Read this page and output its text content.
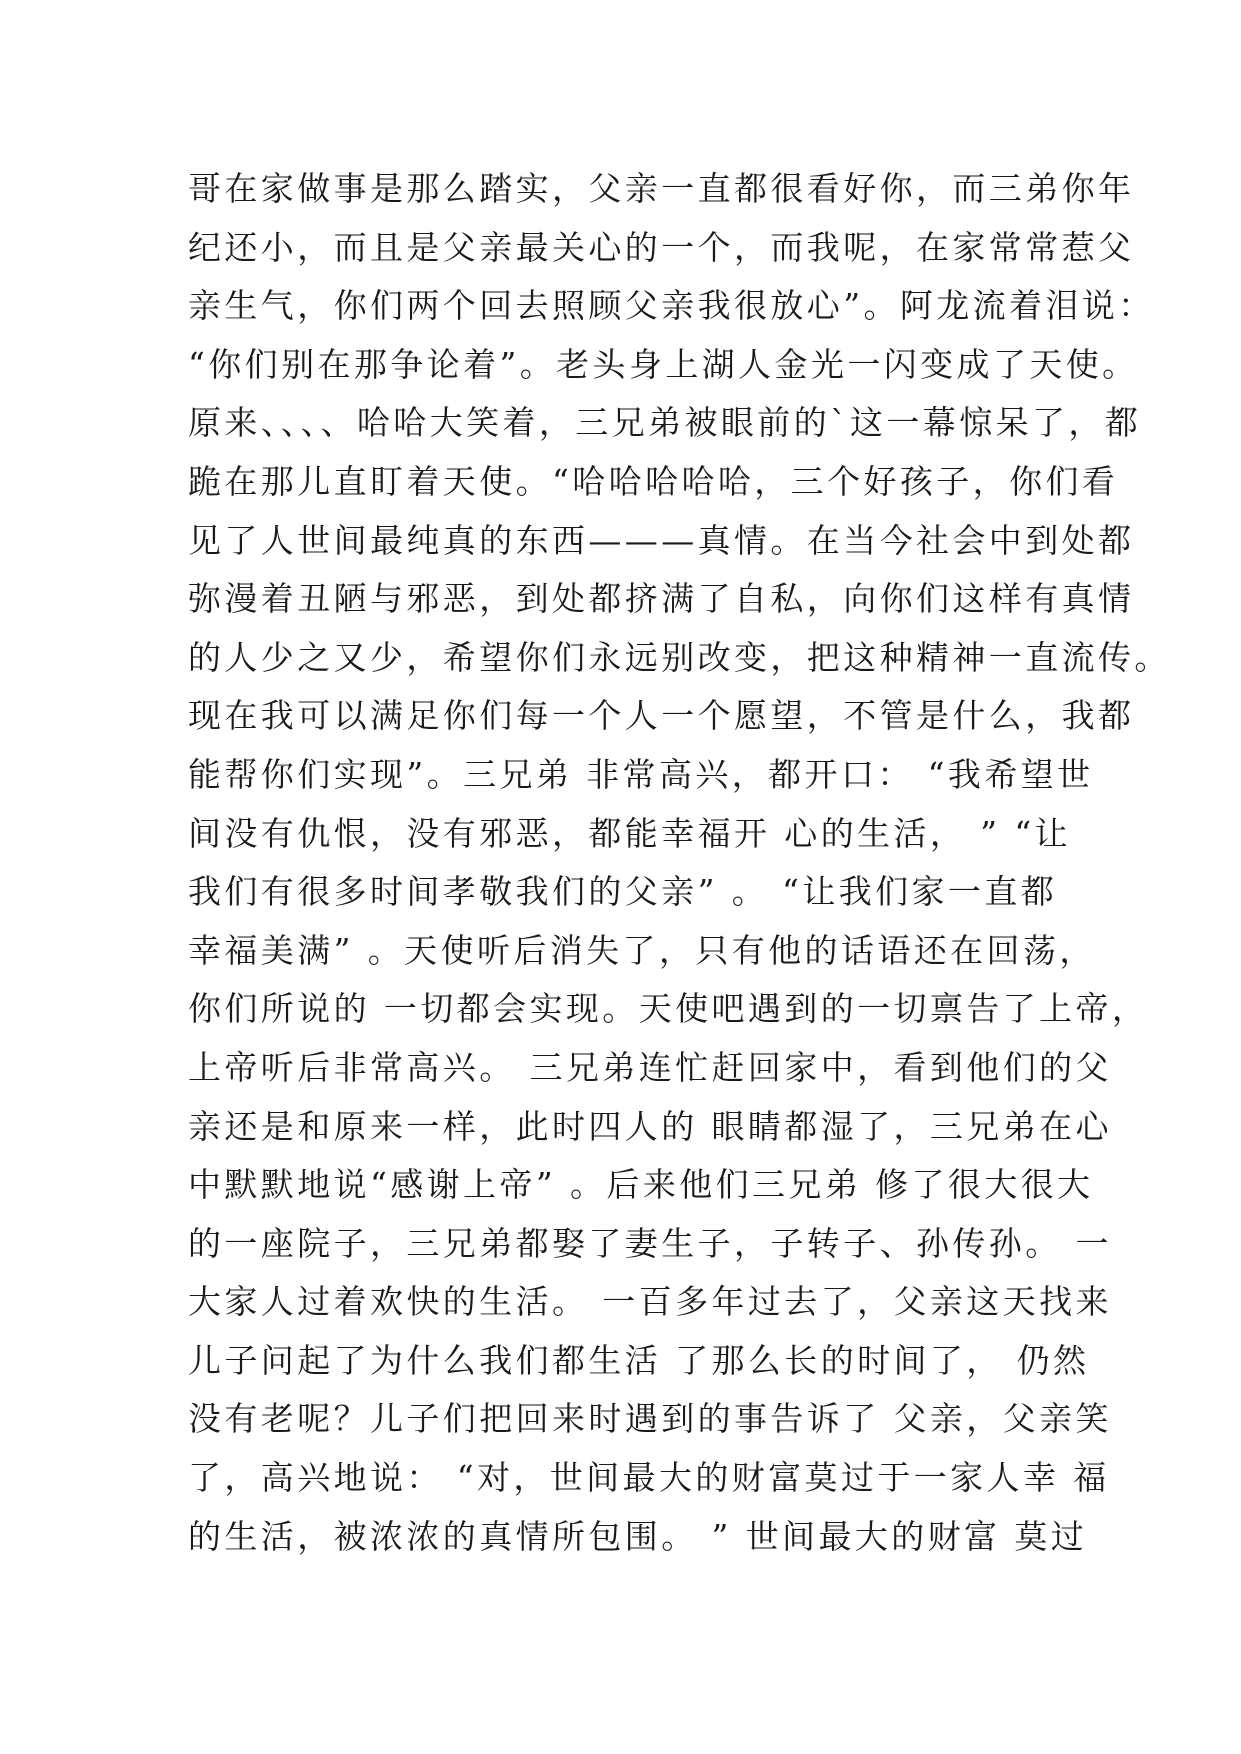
哥在家做事是那么踏实，父亲一直都很看好你，而三弟你年
纪还小，而且是父亲最关心的一个，而我呢，在家常常惹父
亲生气，你们两个回去照顾父亲我很放心”。阿龙流着泪说：
“你们别在那争论着”。老头身上湖人金光一闪变成了天使。
原来、、、、哈哈大笑着，三兄弟被眼前的`这一幕惊呆了，都
跪在那儿直盯着天使。“哈哈哈哈哈，三个好孩子，你们看
见了人世间最纯真的东西———真情。在当今社会中到处都
弥漫着丑陋与邪恶，到处都挤满了自私，向你们这样有真情
的人少之又少，希望你们永远别改变，把这种精神一直流传。
现在我可以满足你们每一个人一个愿望，不管是什么，我都
能帮你们实现”。三兄弟 非常高兴，都开口： “我希望世
间没有仇恨，没有邪恶，都能幸福开 心的生活， ” “让
我们有很多时间孝敬我们的父亲” 。 “让我们家一直都
幸福美满” 。天使听后消失了，只有他的话语还在回荡，
你们所说的 一切都会实现。天使吧遇到的一切禀告了上帝，
上帝听后非常高兴。 三兄弟连忙赶回家中，看到他们的父
亲还是和原来一样，此时四人的 眼睛都湿了，三兄弟在心
中默默地说“感谢上帝” 。后来他们三兄弟 修了很大很大
的一座院子，三兄弟都娶了妻生子，子转子、孙传孙。 一
大家人过着欢快的生活。 一百多年过去了，父亲这天找来
儿子问起了为什么我们都生活 了那么长的时间了， 仍然
没有老呢？儿子们把回来时遇到的事告诉了 父亲，父亲笑
了，高兴地说： “对，世间最大的财富莫过于一家人幸 福
的生活，被浓浓的真情所包围。 ” 世间最大的财富 莫过
